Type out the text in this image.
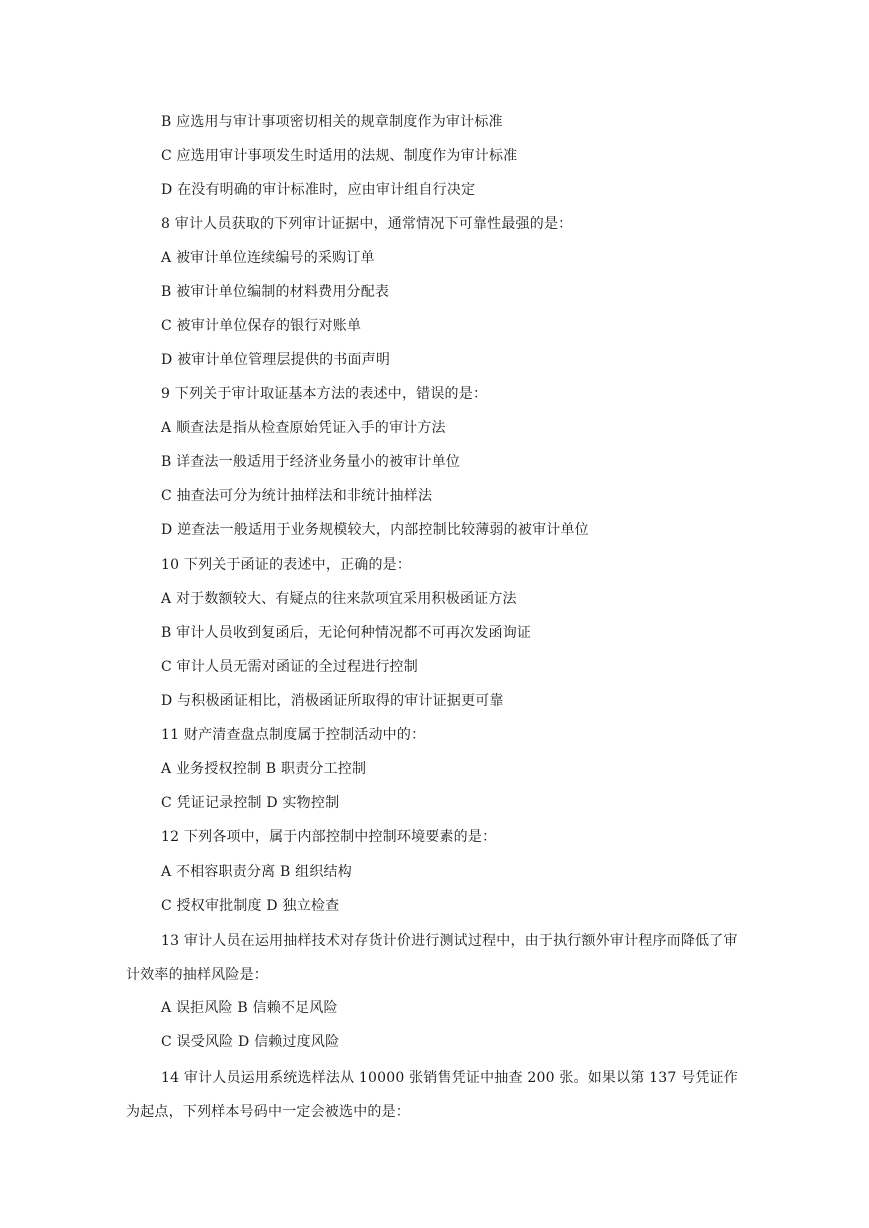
B 应选用与审计事项密切相关的规章制度作为审计标准
C 应选用审计事项发生时适用的法规、制度作为审计标准
D 在没有明确的审计标准时，应由审计组自行决定
8 审计人员获取的下列审计证据中，通常情况下可靠性最强的是：
A 被审计单位连续编号的采购订单
B 被审计单位编制的材料费用分配表
C 被审计单位保存的银行对账单
D 被审计单位管理层提供的书面声明
9 下列关于审计取证基本方法的表述中，错误的是：
A 顺查法是指从检查原始凭证入手的审计方法
B 详查法一般适用于经济业务量小的被审计单位
C 抽查法可分为统计抽样法和非统计抽样法
D 逆查法一般适用于业务规模较大，内部控制比较薄弱的被审计单位
10 下列关于函证的表述中，正确的是：
A 对于数额较大、有疑点的往来款项宜采用积极函证方法
B 审计人员收到复函后，无论何种情况都不可再次发函询证
C 审计人员无需对函证的全过程进行控制
D 与积极函证相比，消极函证所取得的审计证据更可靠
11 财产清查盘点制度属于控制活动中的：
A 业务授权控制 B 职责分工控制
C 凭证记录控制 D 实物控制
12 下列各项中，属于内部控制中控制环境要素的是：
A 不相容职责分离 B 组织结构
C 授权审批制度 D 独立检查

13 审计人员在运用抽样技术对存货计价进行测试过程中，由于执行额外审计程序而降低了审计效率的抽样风险是：

A 误拒风险 B 信赖不足风险
C 误受风险 D 信赖过度风险

14 审计人员运用系统选样法从 10000 张销售凭证中抽查 200 张。如果以第 137 号凭证作为起点，下列样本号码中一定会被选中的是：
